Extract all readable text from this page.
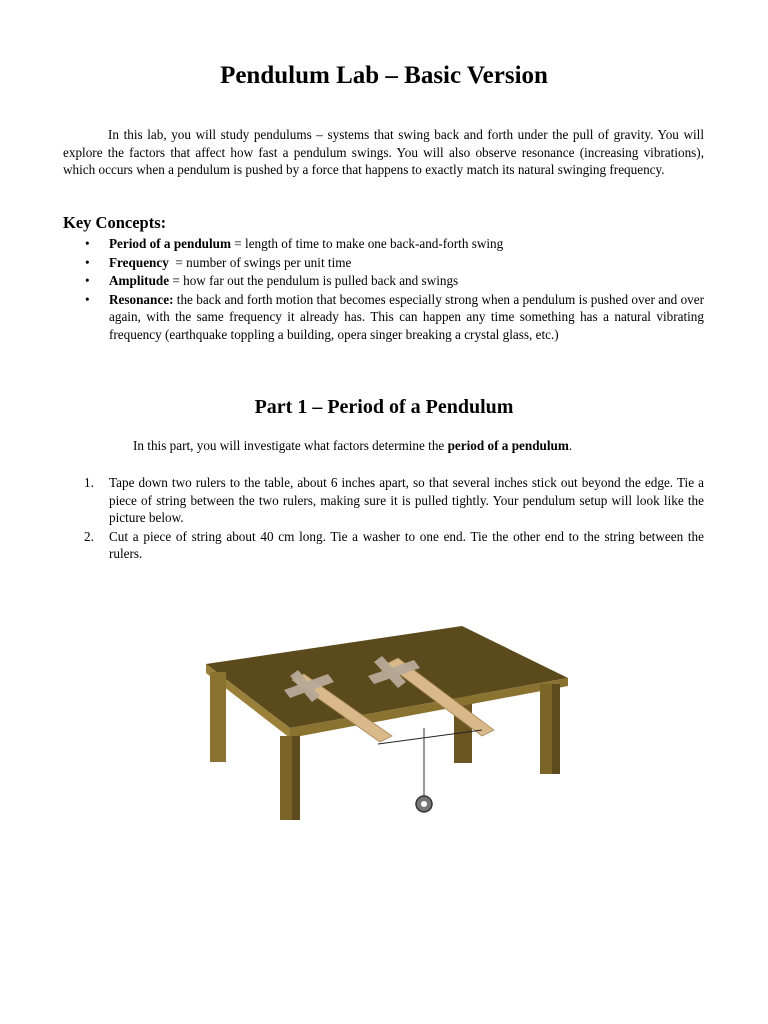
Pendulum Lab – Basic Version

In this lab, you will study pendulums – systems that swing back and forth under the pull of gravity. You will explore the factors that affect how fast a pendulum swings. You will also observe resonance (increasing vibrations), which occurs when a pendulum is pushed by a force that happens to exactly match its natural swinging frequency.

Key Concepts:
• Period of a pendulum = length of time to make one back-and-forth swing
• Frequency  = number of swings per unit time
• Amplitude = how far out the pendulum is pulled back and swings
• Resonance: the back and forth motion that becomes especially strong when a pendulum is pushed over and over again, with the same frequency it already has. This can happen any time something has a natural vibrating frequency (earthquake toppling a building, opera singer breaking a crystal glass, etc.)
Part 1 – Period of a Pendulum

In this part, you will investigate what factors determine the period of a pendulum.

1. Tape down two rulers to the table, about 6 inches apart, so that several inches stick out beyond the edge. Tie a piece of string between the two rulers, making sure it is pulled tightly. Your pendulum setup will look like the picture below.
2. Cut a piece of string about 40 cm long. Tie a washer to one end. Tie the other end to the string between the rulers.
